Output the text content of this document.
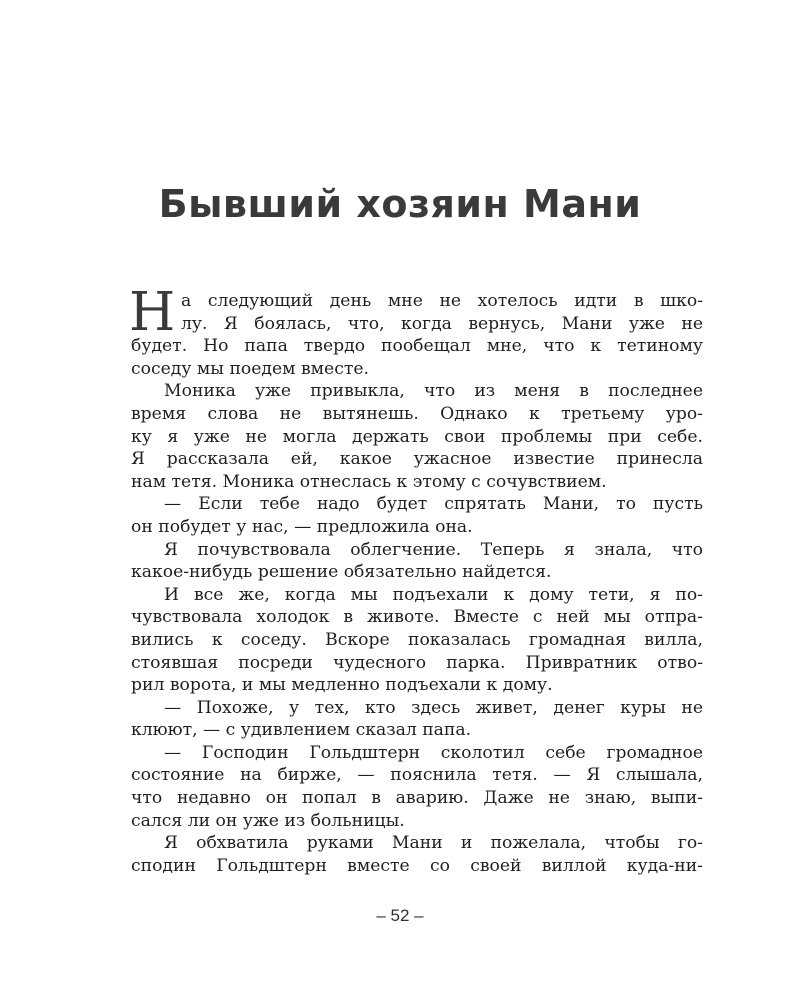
Бывший хозяин Мани
Н а следующий день мне не хотелось идти в шко-
лу. Я боялась, что, когда вернусь, Мани уже не
будет. Но папа твердо пообещал мне, что к тетиному
соседу мы поедем вместе.
Моника уже привыкла, что из меня в последнее
время слова не вытянешь. Однако к третьему уро-
ку я уже не могла держать свои проблемы при себе.
Я рассказала ей, какое ужасное известие принесла
нам тетя. Моника отнеслась к этому с сочувствием.
— Если тебе надо будет спрятать Мани, то пусть
он побудет у нас, — предложила она.
Я почувствовала облегчение. Теперь я знала, что
какое-нибудь решение обязательно найдется.
И все же, когда мы подъехали к дому тети, я по-
чувствовала холодок в животе. Вместе с ней мы отпра-
вились к соседу. Вскоре показалась громадная вилла,
стоявшая посреди чудесного парка. Привратник отво-
рил ворота, и мы медленно подъехали к дому.
— Похоже, у тех, кто здесь живет, денег куры не
клюют, — с удивлением сказал папа.
— Господин Гольдштерн сколотил себе громадное
состояние на бирже, — пояснила тетя. — Я слышала,
что недавно он попал в аварию. Даже не знаю, выпи-
сался ли он уже из больницы.
Я обхватила руками Мани и пожелала, чтобы го-
сподин Гольдштерн вместе со своей виллой куда-ни-
– 52 –
